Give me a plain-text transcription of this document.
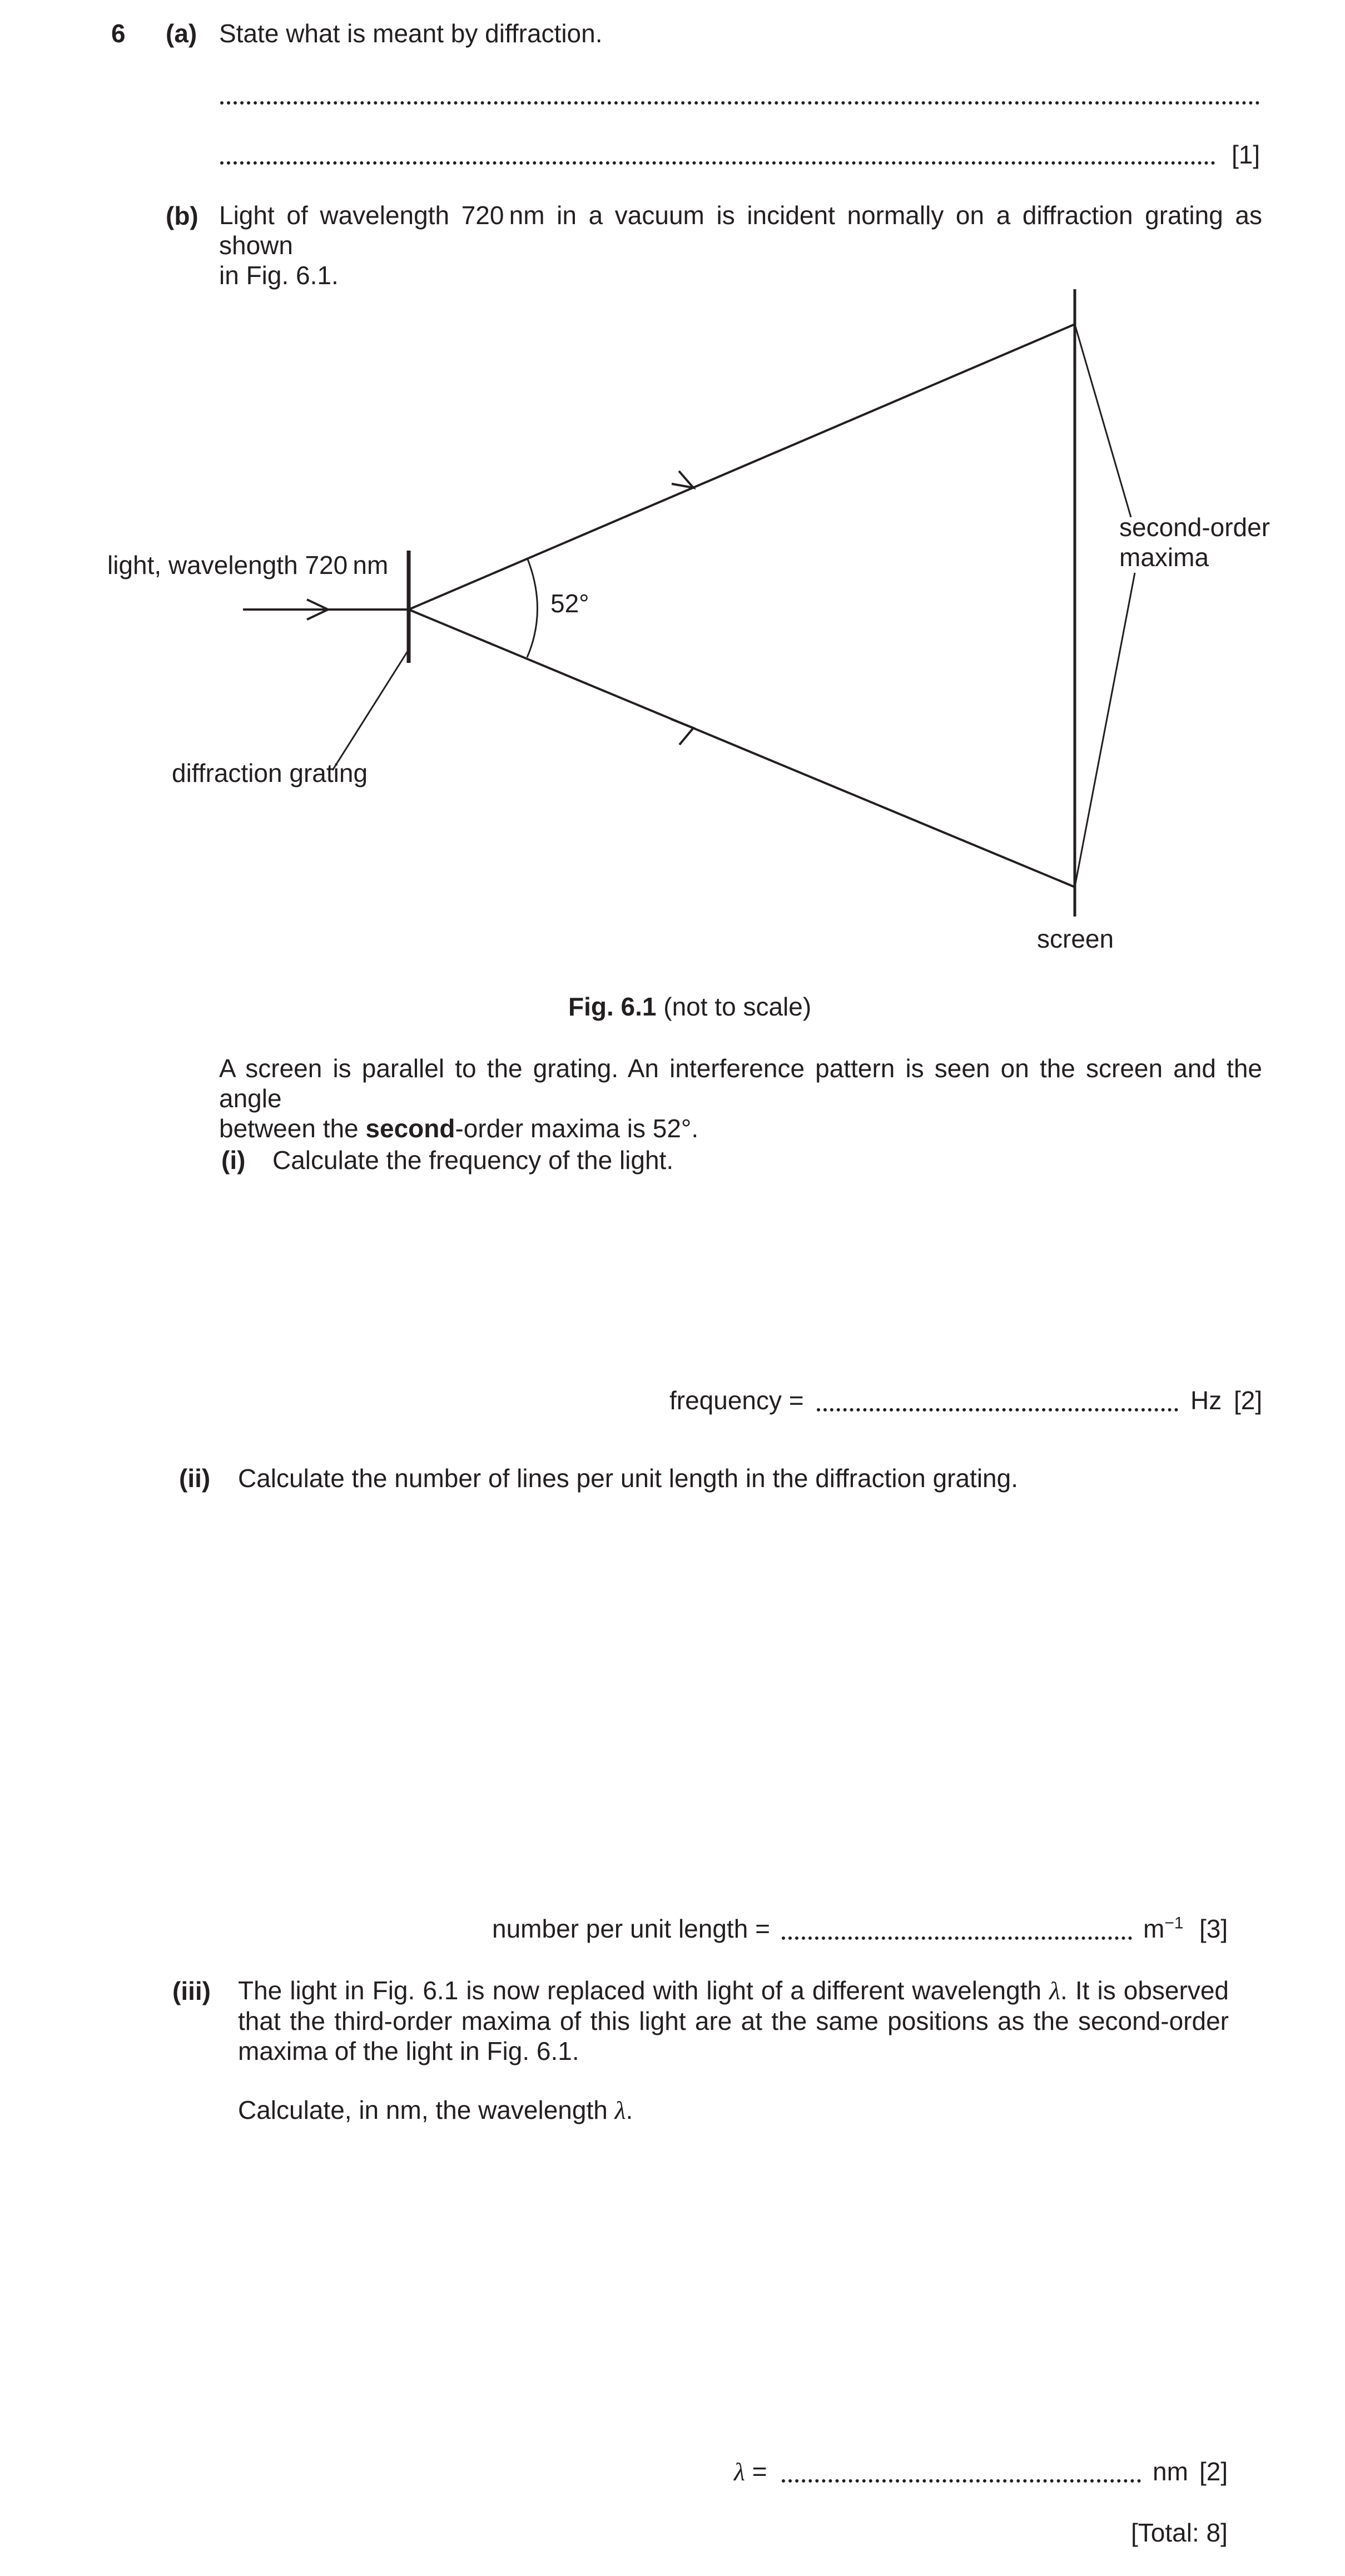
6 (a) State what is meant by diffraction.
[1]
(b) Light of wavelength 720 nm in a vacuum is incident normally on a diffraction grating as shown
in Fig. 6.1.
light, wavelength 720 nm
52°
second-order
maxima
diffraction grating
screen
Fig. 6.1 (not to scale)
A screen is parallel to the grating. An interference pattern is seen on the screen and the angle
between the second-order maxima is 52°.
(i) Calculate the frequency of the light.
frequency =	Hz [2]
(ii) Calculate the number of lines per unit length in the diffraction grating.
number per unit length =	$m^{-1}$ [3]
(iii) The light in Fig. 6.1 is now replaced with light of a different wavelength λ. It is observed
that the third-order maxima of this light are at the same positions as the second-order
maxima of the light in Fig. 6.1.
Calculate, in nm, the wavelength λ.
λ =	nm [2]
[Total: 8]
